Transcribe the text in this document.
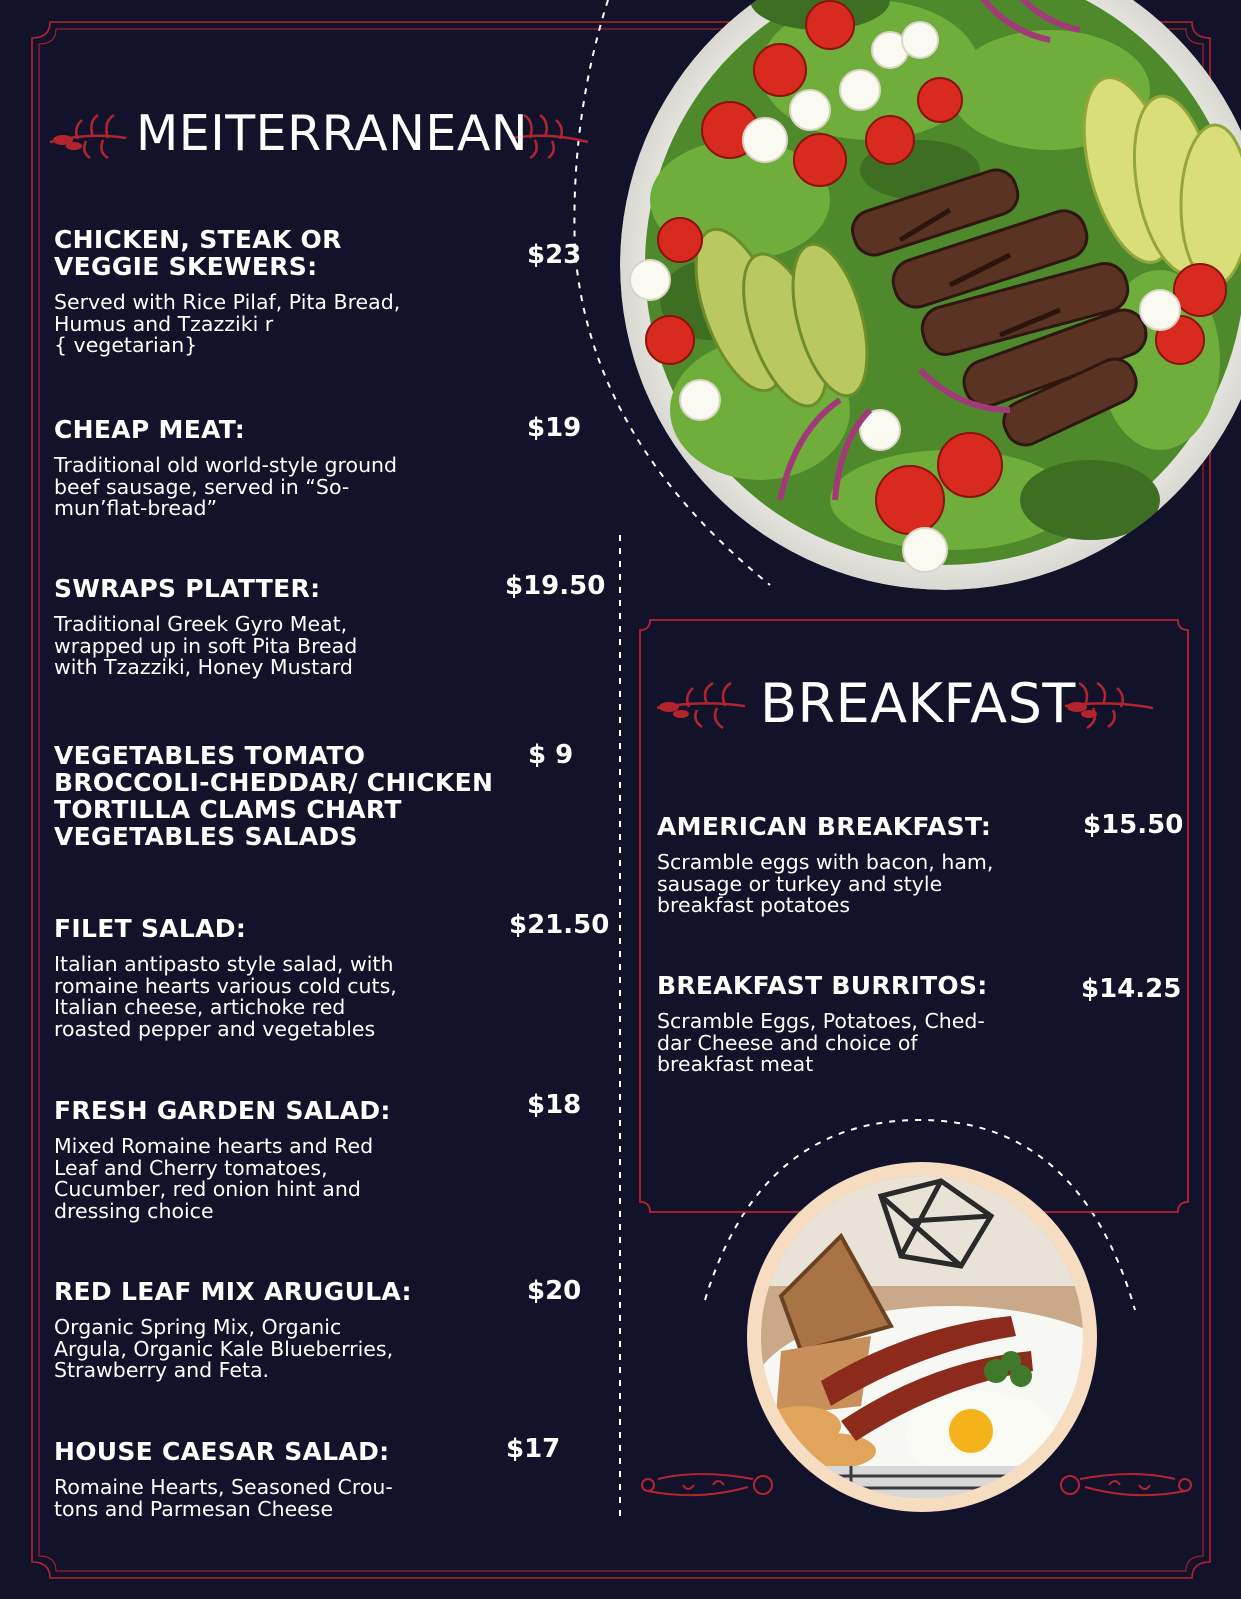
MEITERRANEAN
BREAKFAST
CHICKEN, STEAK OR
VEGGIE SKEWERS:
Served with Rice Pilaf, Pita Bread,
Humus and Tzazziki r
{ vegetarian}
$23
CHEAP MEAT:
Traditional old world-style ground
beef sausage, served in “So-
mun’flat-bread”
$19
SWRAPS PLATTER:
Traditional Greek Gyro Meat,
wrapped up in soft Pita Bread
with Tzazziki, Honey Mustard
$19.50
VEGETABLES TOMATO
BROCCOLI-CHEDDAR/ CHICKEN
TORTILLA CLAMS CHART
VEGETABLES SALADS
$ 9
FILET SALAD:
Italian antipasto style salad, with
romaine hearts various cold cuts,
Italian cheese, artichoke red
roasted pepper and vegetables
$21.50
FRESH GARDEN SALAD:
Mixed Romaine hearts and Red
Leaf and Cherry tomatoes,
Cucumber, red onion hint and
dressing choice
$18
RED LEAF MIX ARUGULA:
Organic Spring Mix, Organic
Argula, Organic Kale Blueberries,
Strawberry and Feta.
$20
HOUSE CAESAR SALAD:
Romaine Hearts, Seasoned Crou-
tons and Parmesan Cheese
$17
AMERICAN BREAKFAST:
Scramble eggs with bacon, ham,
sausage or turkey and style
breakfast potatoes
$15.50
BREAKFAST BURRITOS:
Scramble Eggs, Potatoes, Ched-
dar Cheese and choice of
breakfast meat
$14.25
